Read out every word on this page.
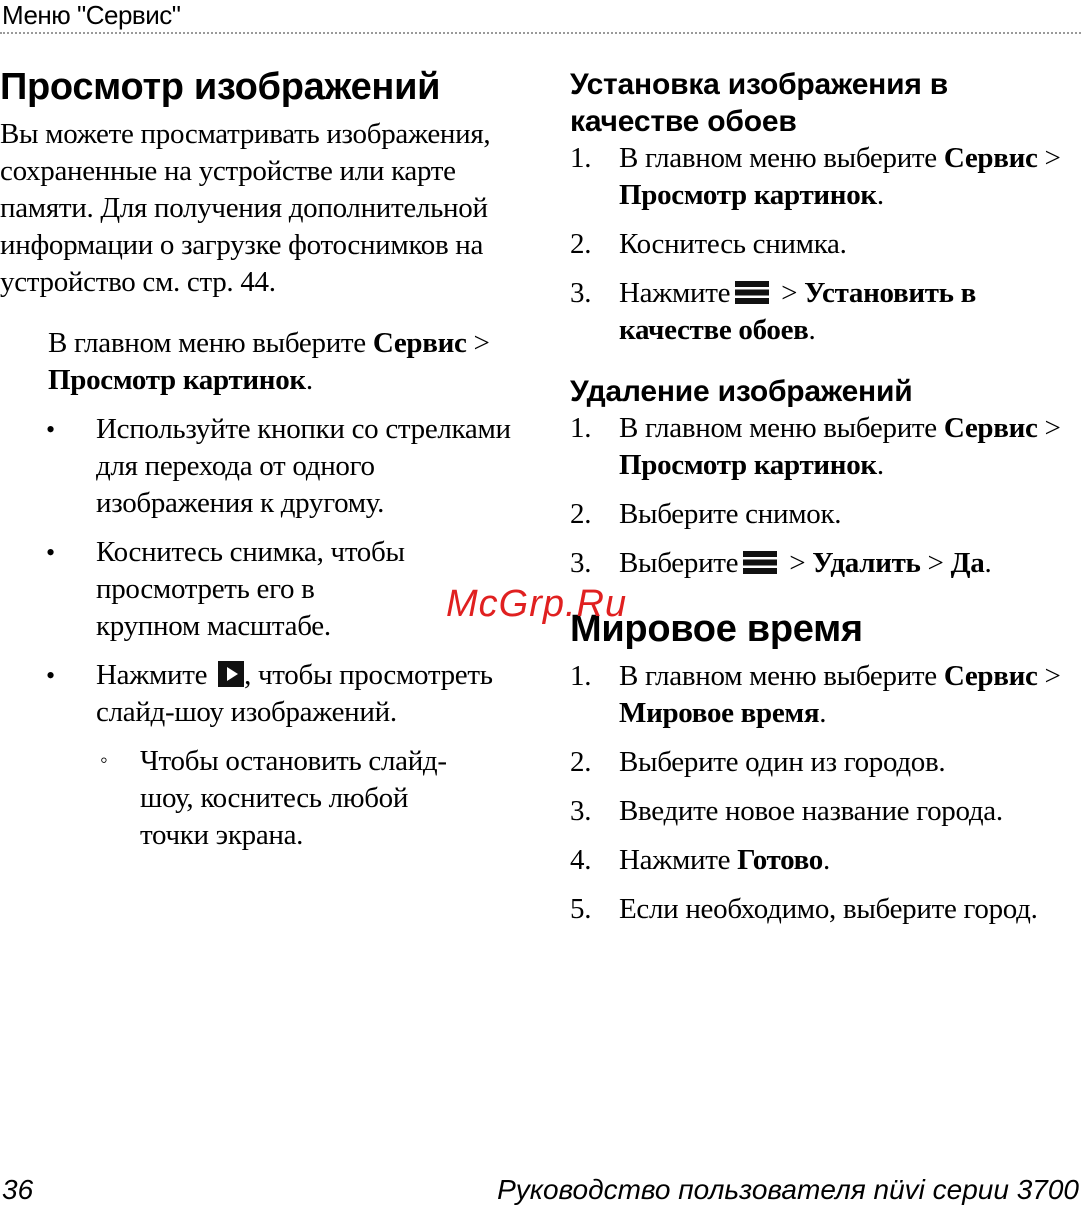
Меню "Сервис"
Просмотр изображений

Вы можете просматривать изображения, сохраненные на устройстве или карте памяти. Для получения дополнительной информации о загрузке фотоснимков на устройство см. стр. 44.

В главном меню выберите Сервис > Просмотр картинок.

• Используйте кнопки со стрелками для перехода от одного изображения к другому.
• Коснитесь снимка, чтобы просмотреть его в крупном масштабе.
• Нажмите , чтобы просмотреть слайд-шоу изображений.
◦ Чтобы остановить слайд-шоу, коснитесь любой точки экрана.
Установка изображения в качестве обоев
1. В главном меню выберите Сервис > Просмотр картинок.
2. Коснитесь снимка.
3. Нажмите > Установить в качестве обоев.
Удаление изображений
1. В главном меню выберите Сервис > Просмотр картинок.
2. Выберите снимок.
3. Выберите > Удалить > Да.
Мировое время
1. В главном меню выберите Сервис > Мировое время.
2. Выберите один из городов.
3. Введите новое название города.
4. Нажмите Готово.
5. Если необходимо, выберите город.
McGrp.Ru
36	Руководство пользователя nüvi серии 3700
